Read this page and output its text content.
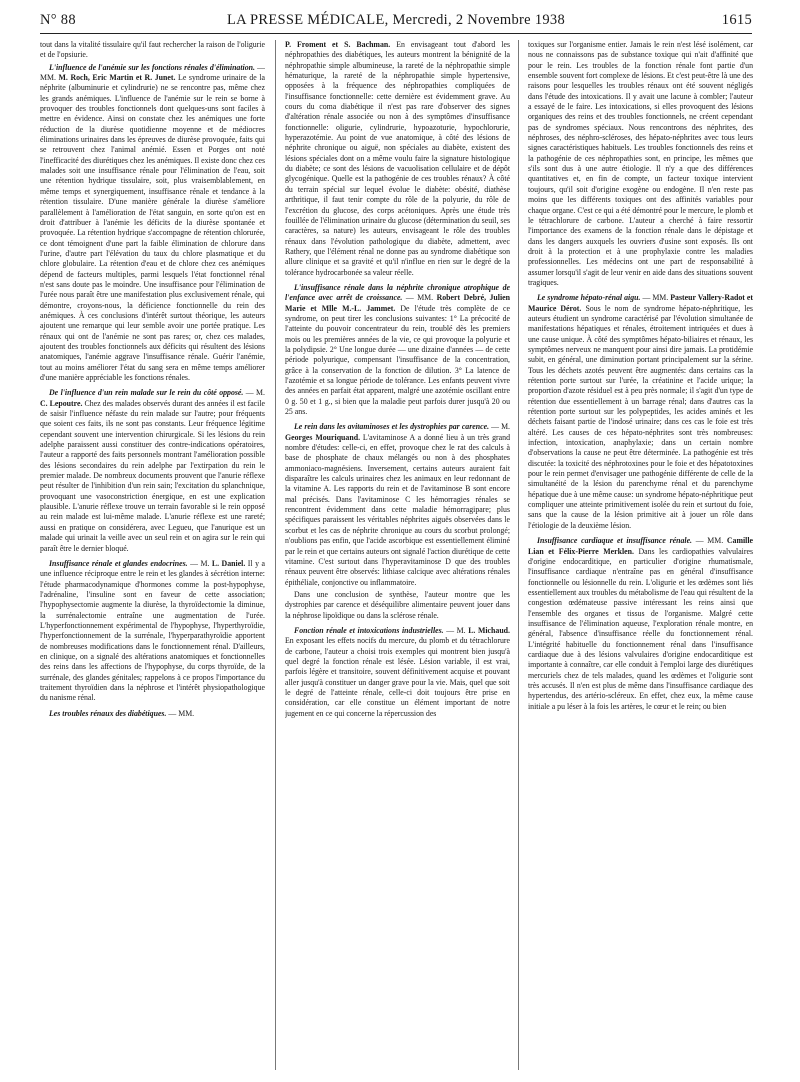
N° 88	LA PRESSE MÉDICALE, Mercredi, 2 Novembre 1938	1615

tout dans la vitalité tissulaire qu'il faut rechercher la raison de l'oligurie et de l'opsiurie.

L'influence de l'anémie sur les fonctions rénales d'élimination. — MM. M. Roch, Eric Martin et R. Junet. Le syndrome urinaire de la néphrite (albuminurie et cylindrurie) ne se rencontre pas, même chez les grands anémiques. L'influence de l'anémie sur le rein se borne à provoquer des troubles fonctionnels dont quelques-uns sont faciles à mettre en évidence. Ainsi on constate chez les anémiques une forte réduction de la diurèse quotidienne moyenne et de médiocres éliminations urinaires dans les épreuves de diurèse provoquée, faits qui se retrouvent chez l'animal anémié. Essen et Porges ont noté l'inefficacité des diurétiques chez les anémiques. Il existe donc chez ces malades soit une insuffisance rénale pour l'élimination de l'eau, soit une rétention hydrique tissulaire, soit, plus vraisemblablement, en même temps et synergiquement, insuffisance rénale et tendance à la rétention tissulaire. D'une manière générale la diurèse s'améliore parallèlement à l'amélioration de l'état sanguin, en sorte qu'on est en droit d'attribuer à l'anémie les déficits de la diurèse spontanée et provoquée. La rétention hydrique s'accompagne de rétention chlorurée, ce dont témoignent d'une part la faible élimination de chlorure dans l'urine, d'autre part l'élévation du taux du chlore plasmatique et du chlore globulaire. La rétention d'eau et de chlore chez ces anémiques dépend de facteurs multiples, parmi lesquels l'état fonctionnel rénal n'est sans doute pas le moindre. Une insuffisance pour l'élimination de l'urée nous paraît être une manifestation plus exclusivement rénale, qui démontre, croyons-nous, la déficience fonctionnelle du rein des anémiques. À ces conclusions d'intérêt surtout théorique, les auteurs ajoutent une remarque qui leur semble avoir une portée pratique. Les rénaux qui ont de l'anémie ne sont pas rares; or, chez ces malades, ajoutent des troubles fonctionnels aux déficits qui résultent des lésions anatomiques, l'anémie aggrave l'insuffisance rénale. Guérir l'anémie, tout au moins améliorer l'état du sang sera en même temps améliorer d'une manière appréciable les fonctions rénales.

De l'influence d'un rein malade sur le rein du côté opposé. — M. C. Lepoutre. Chez des malades observés durant des années il est facile de saisir l'influence néfaste du rein malade sur l'autre; pour fréquents que soient ces faits, ils ne sont pas constants. Leur fréquence légitime cependant souvent une intervention chirurgicale. Si les lésions du rein adelphe paraissent aussi constituer des contre-indications opératoires, l'auteur a rapporté des faits personnels montrant l'amélioration possible des lésions secondaires du rein adelphe par l'extirpation du rein le premier malade. De nombreux documents prouvent que l'anurie réflexe peut résulter de l'inhibition d'un rein sain; l'excitation du splanchnique, provoquant une vasoconstriction énergique, en est une explication plausible. L'anurie réflexe trouve un terrain favorable si le rein opposé au rein malade est lui-même malade. L'anurie réflexe est une rareté; aussi en pratique on considérera, avec Legueu, que l'anurique est un malade qui urinait la veille avec un seul rein et on agira sur le rein qui paraît être le dernier bloqué.

Insuffisance rénale et glandes endocrines. — M. L. Daniel. Il y a une influence réciproque entre le rein et les glandes à sécrétion interne: l'étude pharmacodynamique d'hormones comme la post-hypophyse, l'adrénaline, l'insuline sont en faveur de cette association; l'hypophysectomie augmente la diurèse, la thyroïdectomie la diminue, la surrénalectomie entraîne une augmentation de l'urée. L'hyperfonctionnement expérimental de l'hypophyse, l'hyperthyroïdie, l'hyperfonctionnement de la surrénale, l'hyperparathyroïdie apportent de nombreuses modifications dans le fonctionnement rénal. D'ailleurs, en clinique, on a signalé des altérations anatomiques et fonctionnelles des reins dans les affections de l'hypophyse, du corps thyroïde, de la surrénale, des glandes génitales; rappelons à ce propos l'importance du traitement thyroïdien dans la néphrose et l'intérêt physiopathologique du nanisme rénal.

Les troubles rénaux des diabétiques. — MM.

P. Froment et S. Bachman. En envisageant tout d'abord les néphropathies des diabétiques, les auteurs montrent la bénignité de la néphropathie simple albumineuse, la rareté de la néphropathie simple hématurique, la rareté de la néphropathie simple hypertensive, opposées à la fréquence des néphropathies compliquées de l'insuffisance fonctionnelle: cette dernière est évidemment grave. Au cours du coma diabétique il n'est pas rare d'observer des signes d'altération rénale associée ou non à des symptômes d'insuffisance fonctionnelle: oligurie, cylindrurie, hypoazoturie, hypochlorurie, hyperazotémie. Au point de vue anatomique, à côté des lésions de néphrite chronique ou aiguë, non spéciales au diabète, existent des lésions spéciales dont on a même voulu faire la signature histologique du diabète; ce sont des lésions de vacuolisation cellulaire et de dépôt glycogénique. Quelle est la pathogénie de ces troubles rénaux? À côté du terrain spécial sur lequel évolue le diabète: obésité, diathèse arthritique, il faut tenir compte du rôle de la polyurie, du rôle de l'excrétion du glucose, des corps acétoniques. Après une étude très fouillée de l'élimination urinaire du glucose (détermination du seuil, ses caractères, sa nature) les auteurs, envisageant le rôle des troubles rénaux dans l'évolution pathologique du diabète, admettent, avec Rathery, que l'élément rénal ne donne pas au syndrome diabétique son allure clinique et sa gravité et qu'il n'influe en rien sur le degré de la tolérance hydrocarbonée sa valeur réelle.

L'insuffisance rénale dans la néphrite chronique atrophique de l'enfance avec arrêt de croissance. — MM. Robert Debré, Julien Marie et Mlle M.-L. Jammet. De l'étude très complète de ce syndrome, on peut tirer les conclusions suivantes: 1° La précocité de l'atteinte du pouvoir concentrateur du rein, troublé dès les premiers mois ou les premières années de la vie, ce qui provoque la polyurie et la polydipsie. 2° Une longue durée — une dizaine d'années — de cette période polyurique, compensant l'insuffisance de la concentration, grâce à la conservation de la fonction de dilution. 3° La latence de l'azotémie et sa longue période de tolérance. Les enfants peuvent vivre des années en parfait état apparent, malgré une azotémie oscillant entre 0 g. 50 et 1 g., si bien que la maladie peut parfois durer jusqu'à 20 ou 25 ans.

Le rein dans les avitaminoses et les dystrophies par carence. — M. Georges Mouriquand. L'avitaminose A a donné lieu à un très grand nombre d'études: celle-ci, en effet, provoque chez le rat des calculs à base de phosphate de chaux mélangés ou non à des phosphates ammoniaco-magnésiens. Inversement, certains auteurs auraient fait disparaître les calculs urinaires chez les animaux en leur redonnant de la vitamine A. Les rapports du rein et de l'avitaminose B sont encore mal précisés. Dans l'avitaminose C les hémorragies rénales se rencontrent évidemment dans cette maladie hémorragipare; plus spécifiques paraissent les véritables néphrites aiguës observées dans le scorbut et les cas de néphrite chronique au cours du scorbut prolongé; n'oublions pas enfin, que l'acide ascorbique est essentiellement éliminé par le rein et que certains auteurs ont signalé l'action diurétique de cette vitamine. C'est surtout dans l'hyperavitaminose D que des troubles rénaux peuvent être observés: lithiase calcique avec altérations rénales épithéliale, conjonctive ou inflammatoire.

Dans une conclusion de synthèse, l'auteur montre que les dystrophies par carence et déséquilibre alimentaire peuvent jouer dans la néphrose lipoïdique ou dans la sclérose rénale.

Fonction rénale et intoxications industrielles. — M. L. Michaud. En exposant les effets nocifs du mercure, du plomb et du tétrachlorure de carbone, l'auteur a choisi trois exemples qui montrent bien jusqu'à quel degré la fonction rénale est lésée. Lésion variable, il est vrai, parfois légère et transitoire, souvent définitivement acquise et pouvant aller jusqu'à constituer un danger grave pour la vie. Mais, quel que soit le degré de l'atteinte rénale, celle-ci doit toujours être prise en considération, car elle constitue un élément important de notre jugement en ce qui concerne la répercussion des

toxiques sur l'organisme entier. Jamais le rein n'est lésé isolément, car nous ne connaissons pas de substance toxique qui n'ait d'affinité que pour le rein. Les troubles de la fonction rénale font partie d'un ensemble souvent fort complexe de lésions. Et c'est peut-être là une des raisons pour lesquelles les troubles rénaux ont été souvent négligés dans l'étude des intoxications. Il y avait une lacune à combler; l'auteur a essayé de le faire. Les intoxications, si elles provoquent des lésions organiques des reins et des troubles fonctionnels, ne créent cependant pas de syndromes spéciaux. Nous rencontrons des néphrites, des néphroses, des néphro-scléroses, des hépato-néphrites avec tous leurs signes caractéristiques habituels. Les troubles fonctionnels des reins et la pathogénie de ces néphropathies sont, en principe, les mêmes que s'ils sont dus à une autre étiologie. Il n'y a que des différences quantitatives et, en fin de compte, un facteur toxique intervient toujours, qu'il soit d'origine exogène ou endogène. Il n'en reste pas moins que les différents toxiques ont des affinités variables pour chaque organe. C'est ce qui a été démontré pour le mercure, le plomb et le tétrachlorure de carbone. L'auteur a cherché à faire ressortir l'importance des examens de la fonction rénale dans le dépistage et dans les dangers auxquels les ouvriers d'usine sont exposés. Ils ont droit à la protection et à une prophylaxie contre les maladies professionnelles. Les médecins ont une part de responsabilité à assumer lorsqu'il s'agit de leur venir en aide dans des situations souvent tragiques.

Le syndrome hépato-rénal aigu. — MM. Pasteur Vallery-Radot et Maurice Dérot. Sous le nom de syndrome hépato-néphritique, les auteurs étudient un syndrome caractérisé par l'évolution simultanée de manifestations hépatiques et rénales, étroitement intriquées et dues à une cause unique. À côté des symptômes hépato-biliaires et rénaux, les symptômes nerveux ne manquent pour ainsi dire jamais. La protidémie subit, en général, une diminution portant principalement sur la sérine. Tous les déchets azotés peuvent être augmentés: dans certains cas la rétention porte surtout sur l'urée, la créatinine et l'acide urique; la proportion d'azote résiduel est à peu près normale; il s'agit d'un type de rétention due essentiellement à un barrage rénal; dans d'autres cas la rétention porte surtout sur les polypeptides, les acides aminés et les déchets faisant partie de l'indosé urinaire; dans ces cas le foie est très altéré. Les causes de ces hépato-néphrites sont très nombreuses: infection, intoxication, anaphylaxie; dans un certain nombre d'observations la cause ne peut être déterminée. La pathogénie est très discutée: la toxicité des néphrotoxines pour le foie et des hépatotoxines pour le rein permet d'envisager une pathogénie différente de celle de la simultanéité de la lésion du parenchyme rénal et du parenchyme hépatique due à une même cause: un syndrome hépato-néphritique peut compliquer une atteinte primitivement isolée du rein et surtout du foie, sans que la cause de la lésion primitive ait à jouer un rôle dans l'étiologie de la deuxième lésion.

Insuffisance cardiaque et insuffisance rénale. — MM. Camille Lian et Félix-Pierre Merklen. Dans les cardiopathies valvulaires d'origine endocarditique, en particulier d'origine rhumatismale, l'insuffisance cardiaque n'entraîne pas en général d'insuffisance fonctionnelle ou lésionnelle du rein. L'oligurie et les œdèmes sont liés essentiellement aux troubles du métabolisme de l'eau qui résultent de la congestion œdémateuse passive intéressant les reins ainsi que l'ensemble des organes et tissus de l'organisme. Malgré cette insuffisance de l'élimination aqueuse, l'exploration rénale montre, en général, l'absence d'insuffisance réelle du fonctionnement rénal. L'intégrité habituelle du fonctionnement rénal dans l'insuffisance cardiaque due à des lésions valvulaires d'origine endocarditique est importante à connaître, car elle conduit à l'emploi large des diurétiques mercuriels chez de tels malades, quand les œdèmes et l'oligurie sont très accusés. Il n'en est plus de même dans l'insuffisance cardiaque des hypertendus, des artério-scléreux. En effet, chez eux, la même cause initiale a pu léser à la fois les artères, le cœur et le rein; ou bien
